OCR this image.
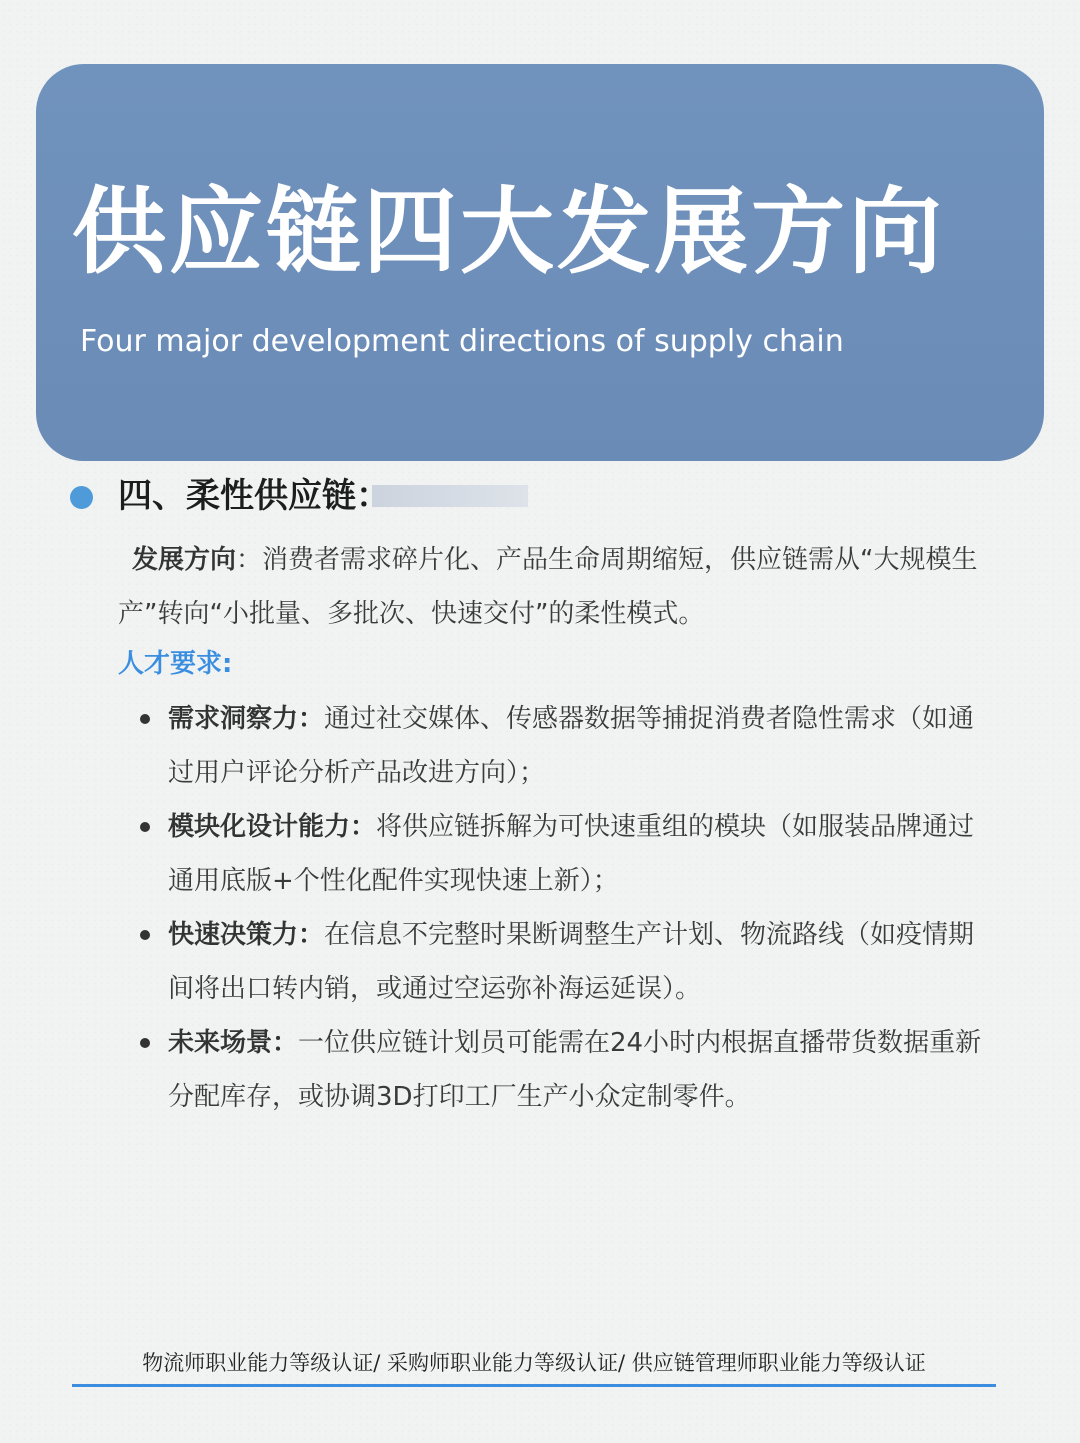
供应链四大发展方向
Four major development directions of supply chain
四、柔性供应链：
发展方向：消费者需求碎片化、产品生命周期缩短，供应链需从“大规模生产”转向“小批量、多批次、快速交付”的柔性模式。
人才要求:
需求洞察力：通过社交媒体、传感器数据等捕捉消费者隐性需求（如通过用户评论分析产品改进方向）；
模块化设计能力：将供应链拆解为可快速重组的模块（如服装品牌通过通用底版+个性化配件实现快速上新）；
快速决策力：在信息不完整时果断调整生产计划、物流路线（如疫情期间将出口转内销，或通过空运弥补海运延误）。
未来场景：一位供应链计划员可能需在24小时内根据直播带货数据重新分配库存，或协调3D打印工厂生产小众定制零件。
物流师职业能力等级认证/ 采购师职业能力等级认证/ 供应链管理师职业能力等级认证
